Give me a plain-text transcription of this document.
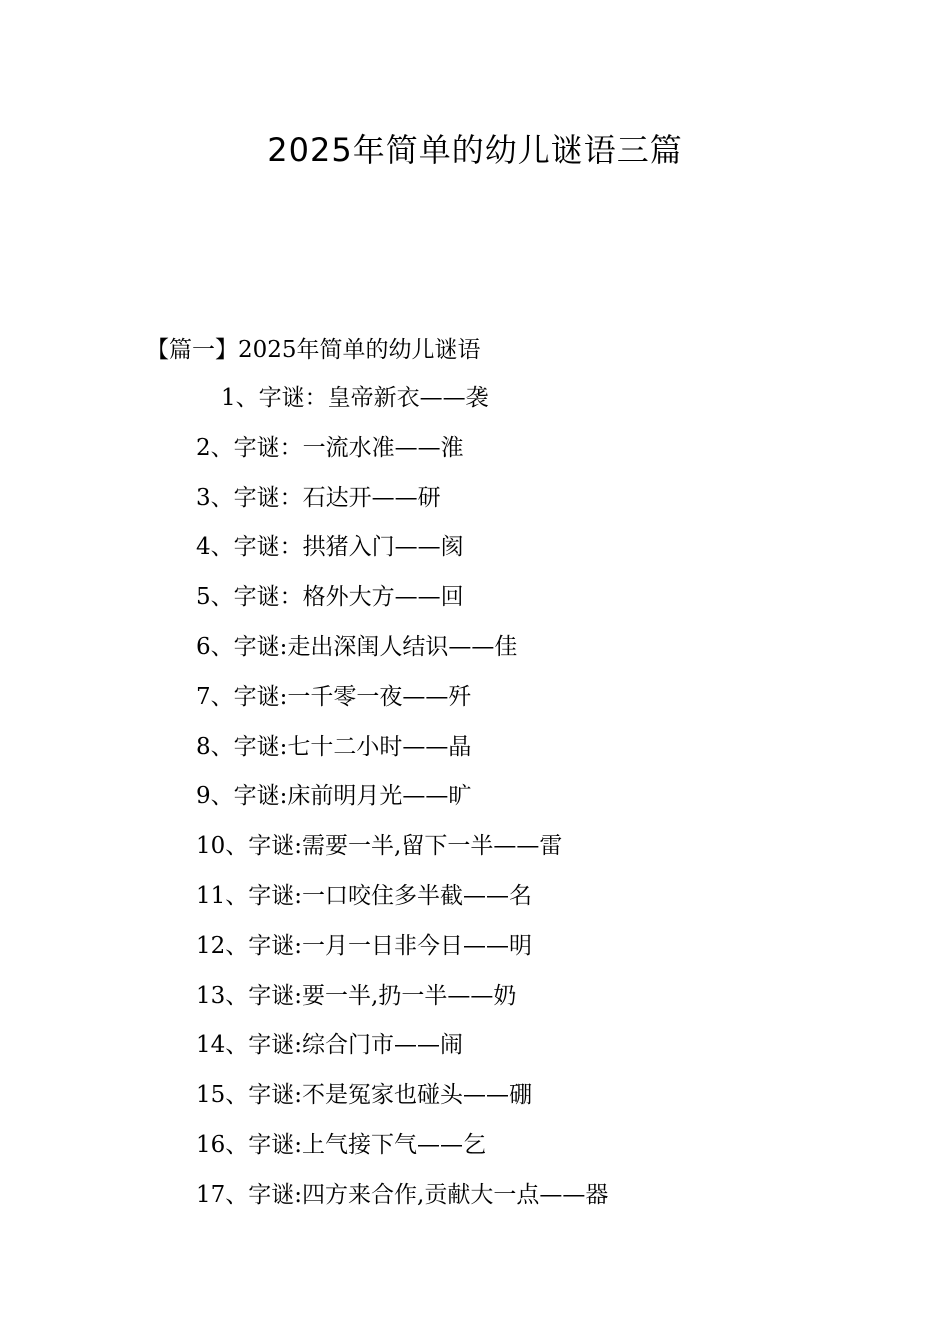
2025年简单的幼儿谜语三篇
【篇一】2025年简单的幼儿谜语
1、字谜：皇帝新衣——袭
2、字谜：一流水准——淮
3、字谜：石达开——研
4、字谜：拱猪入门——阂
5、字谜：格外大方——回
6、字谜:走出深闺人结识——佳
7、字谜:一千零一夜——歼
8、字谜:七十二小时——晶
9、字谜:床前明月光——旷
10、字谜:需要一半,留下一半——雷
11、字谜:一口咬住多半截——名
12、字谜:一月一日非今日——明
13、字谜:要一半,扔一半——奶
14、字谜:综合门市——闹
15、字谜:不是冤家也碰头——硼
16、字谜:上气接下气——乞
17、字谜:四方来合作,贡献大一点——器
